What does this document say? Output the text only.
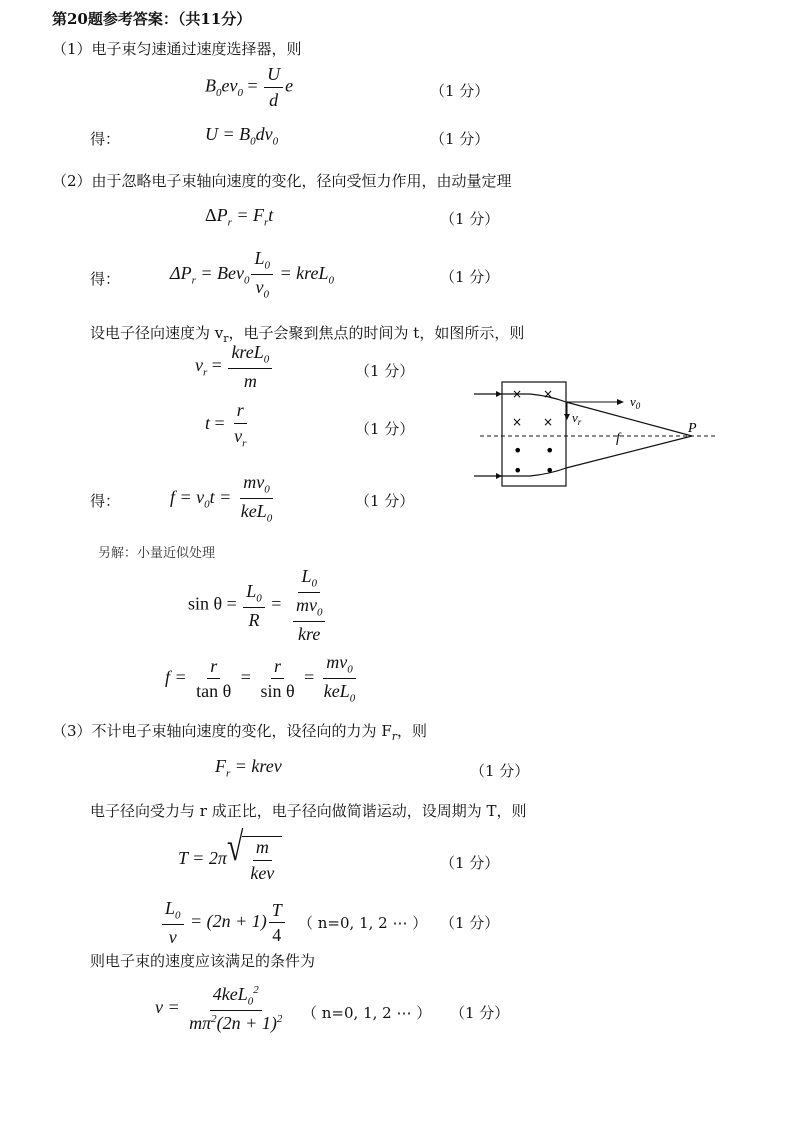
第20题参考答案：（共11分）
（1）电子束匀速通过速度选择器，则
$B_0ev_0 = \frac{U}{d}$ e	（1 分）
得：	$U = B_0dv_0$	（1 分）
（2）由于忽略电子束轴向速度的变化，径向受恒力作用，由动量定理
$\Delta P_r = F_rt$	（1 分）
得：	$\Delta P_r = Bev_0 \frac{L_0}{v_0}$ = kreL$_0$	（1 分）
设电子径向速度为 $v_r$，电子会聚到焦点的时间为 t，如图所示，则
$v_r = \frac{kreL_0}{m}$	（1 分）
$t = \frac{r}{v_r}$	（1 分）
得：	$f = v_0t = \frac{mv_0}{keL_0}$	（1 分）
× ×
× ×
• •
• •
$v_0$
$v_r$
f
P
另解：小量近似处理
$\sin \theta = \frac{L_0}{R} = \frac{L_0}{\frac{mv_0}{\text{kre}}}$
$f = \frac{r}{\text{tan θ}} = \frac{r}{\text{sin θ}} = \frac{mv_0}{keL_0}$
（3）不计电子束轴向速度的变化，设径向的力为 $F_r$，则
$F_r$ = krev	（1 分）
电子径向受力与 r 成正比，电子径向做简谐运动，设周期为 T，则
T = 2π √ $\frac{m}{\text{kev}}$	（1 分）
$\frac{L_0}{v} = (2n + 1) \frac{T}{4}$ （ n=0, 1, 2 ⋯ ） （1 分）
则电子束的速度应该满足的条件为
$v = \frac{4keL_0^2}{m\pi^2(2n + 1)^2}$ （ n=0, 1, 2 ⋯ ） （1 分）
